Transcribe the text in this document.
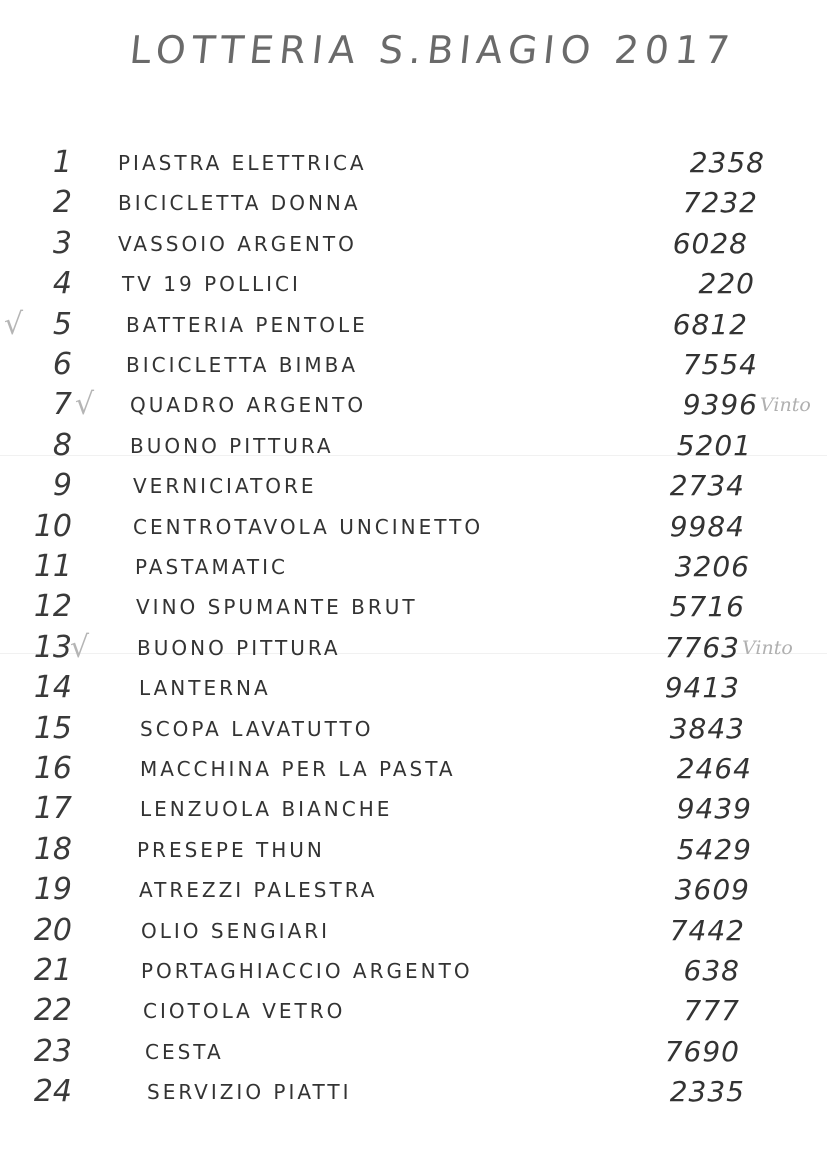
LOTTERIA S.BIAGIO 2017
1 PIASTRA ELETTRICA	2358
2 BICICLETTA DONNA	7232
3 VASSOIO ARGENTO	6028
4	TV 19 POLLICI	220
5	BATTERIA PENTOLE	6812
6	BICICLETTA BIMBA	7554
7	QUADRO ARGENTO	9396 Vinto
8	BUONO PITTURA	5201
9	VERNICIATORE	2734
10	CENTROTAVOLA UNCINETTO	9984
11	PASTAMATIC	3206
12	VINO SPUMANTE BRUT	5716
13	BUONO PITTURA	7763 Vinto
14	LANTERNA	9413
15	SCOPA LAVATUTTO	3843
16	MACCHINA PER LA PASTA	2464
17	LENZUOLA BIANCHE	9439
18	PRESEPE THUN	5429
19	ATREZZI PALESTRA	3609
20	OLIO SENGIARI	7442
21	PORTAGHIACCIO ARGENTO	638
22	CIOTOLA VETRO	777
23	CESTA	7690
24	SERVIZIO PIATTI	2335
√
√
√
